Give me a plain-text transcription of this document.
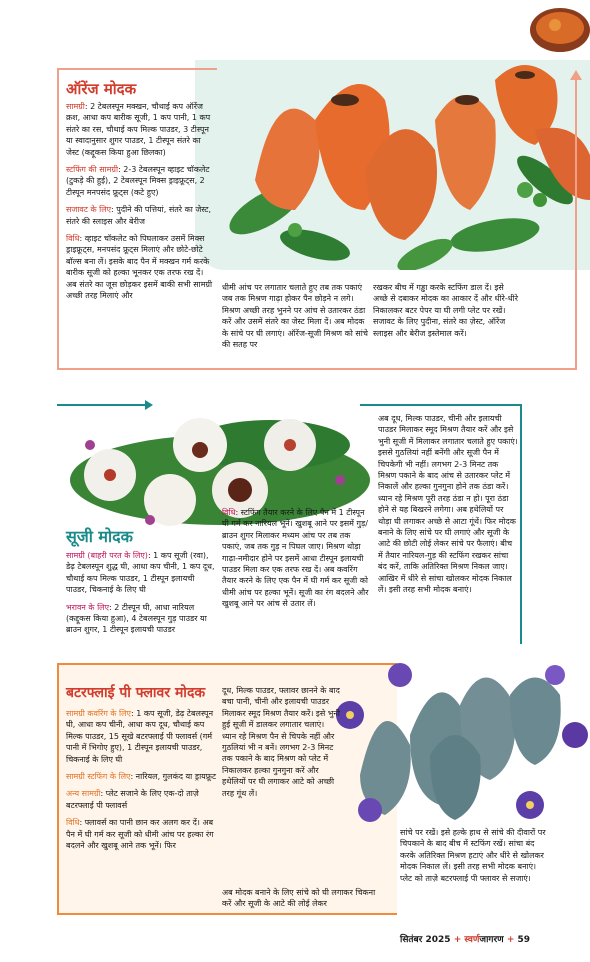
ऑरेंज मोदक

सामग्री: 2 टेबलस्पून मक्खन, चौथाई कप ऑरेंज क्रश, आधा कप बारीक सूजी, 1 कप पानी, 1 कप संतरे का रस, चौथाई कप मिल्क पाउडर, 3 टीस्पून या स्वादानुसार शुगर पाउडर, 1 टीस्पून संतरे का जेस्ट (कद्दूकस किया हुआ छिलका)

स्टफिंग की सामग्री: 2-3 टेबलस्पून व्हाइट चॉकलेट (टुकड़े की हुई), 2 टेबलस्पून मिक्स ड्राइफ्रूट्स, 2 टीस्पून मनपसंद फ्रूट्स (कटे हुए)

सजावट के लिए: पुदीने की पत्तियां, संतरे का जेस्ट, संतरे की स्लाइस और बेरीज

विधि: व्हाइट चॉकलेट को पिघलाकर उसमें मिक्स ड्राइफ्रूट्स, मनपसंद फ्रूट्स मिलाएं और छोटे-छोटे बॉल्स बना लें। इसके बाद पैन में मक्खन गर्म करके बारीक सूजी को हल्का भूनकर एक तरफ रख दें। अब संतरे का जूस छोड़कर इसमें बाकी सभी सामग्री अच्छी तरह मिलाएं और

धीमी आंच पर लगातार चलाते हुए तब तक पकाएं जब तक मिश्रण गाढ़ा होकर पैन छोड़ने न लगे। मिश्रण अच्छी तरह भुनने पर आंच से उतारकर ठंडा करें और उसमें संतरे का जेस्ट मिला दें। अब मोदक के सांचे पर घी लगाएं। ऑरेंज-सूजी मिश्रण को सांचे की सतह पर

रखकर बीच में गड्ढा करके स्टफिंग डाल दें। इसे अच्छे से दबाकर मोदक का आकार दें और धीरे-धीरे निकालकर बटर पेपर या घी लगी प्लेट पर रखें। सजावट के लिए पुदीना, संतरे का ज़ेस्ट, ऑरेंज स्लाइस और बेरीज इस्तेमाल करें।

सूजी मोदक

सामग्री (बाहरी परत के लिए): 1 कप सूजी (रवा), डेढ़ टेबलस्पून शुद्ध घी, आधा कप चीनी, 1 कप दूध, चौथाई कप मिल्क पाउडर, 1 टीस्पून इलायची पाउडर, चिकनाई के लिए घी

भरावन के लिए: 2 टीस्पून घी, आधा नारियल (कद्दूकस किया हुआ), 4 टेबलस्पून गुड़ पाउडर या ब्राउन शुगर, 1 टीस्पून इलायची पाउडर

विधि: स्टफिंग तैयार करने के लिए पैन में 1 टीस्पून घी गर्म कर नारियल भूनें। खुशबू आने पर इसमें गुड़/ब्राउन शुगर मिलाकर मध्यम आंच पर तब तक पकाएं, जब तक गुड़ न पिघल जाए। मिश्रण थोड़ा गाढ़ा-नमीदार होने पर इसमें आधा टीस्पून इलायची पाउडर मिला कर एक तरफ रख दें। अब कवरिंग तैयार करने के लिए एक पैन में घी गर्म कर सूजी को धीमी आंच पर हल्का भूनें। सूजी का रंग बदलने और खुशबू आने पर आंच से उतार लें।

अब दूध, मिल्क पाउडर, चीनी और इलायची पाउडर मिलाकर स्मूद मिश्रण तैयार करें और इसे भुनी सूजी में मिलाकर लगातार चलाते हुए पकाएं। इससे गुठलियां नहीं बनेंगी और सूजी पैन में चिपकेगी भी नहीं। लगभग 2-3 मिनट तक मिश्रण पकाने के बाद आंच से उतारकर प्लेट में निकालें और हल्का गुनगुना होने तक ठंडा करें। ध्यान रहे मिश्रण पूरी तरह ठंडा न हो। पूरा ठंडा होने से यह बिखरने लगेगा। अब हथेलियों पर थोड़ा घी लगाकर अच्छे से आटा गूंथें। फिर मोदक बनाने के लिए सांचे पर घी लगाएं और सूजी के आटे की छोटी लोई लेकर सांचे पर फैलाएं। बीच में तैयार नारियल-गुड़ की स्टफिंग रखकर सांचा बंद करें, ताकि अतिरिक्त मिश्रण निकल जाए। आखिर में धीरे से सांचा खोलकर मोदक निकाल लें। इसी तरह सभी मोदक बनाएं।

बटरफ्लाई पी फ्लावर मोदक

सामग्री कवरिंग के लिए: 1 कप सूजी, डेढ़ टेबलस्पून घी, आधा कप चीनी, आधा कप दूध, चौथाई कप मिल्क पाउडर, 15 सूखे बटरफ्लाई पी फ्लावर्स (गर्म पानी में भिगोए हुए), 1 टीस्पून इलायची पाउडर, चिकनाई के लिए घी

सामग्री स्टफिंग के लिए: नारियल, गुलकंद या ड्रायफ्रूट

अन्य सामग्री: प्लेट सजाने के लिए एक-दो ताज़े बटरफ्लाई पी फ्लावर्स

विधि: फ्लावर्स का पानी छान कर अलग कर दें। अब पैन में घी गर्म कर सूजी को धीमी आंच पर हल्का रंग बदलने और खुशबू आने तक भूनें। फिर

दूध, मिल्क पाउडर, फ्लावर छानने के बाद बचा पानी, चीनी और इलायची पाउडर मिलाकर स्मूद मिश्रण तैयार करें। इसे भुनी हुई सूजी में डालकर लगातार चलाएं। ध्यान रहे मिश्रण पैन से चिपके नहीं और गुठलियां भी न बनें। लगभग 2-3 मिनट तक पकाने के बाद मिश्रण को प्लेट में निकालकर हल्का गुनगुना करें और हथेलियों पर घी लगाकर आटे को अच्छी तरह गूंथ लें।

अब मोदक बनाने के लिए सांचे को घी लगाकर चिकना करें और सूजी के आटे की लोई लेकर

सांचे पर रखें। इसे हल्के हाथ से सांचे की दीवारों पर चिपकाने के बाद बीच में स्टफिंग रखें। सांचा बंद करके अतिरिक्त मिश्रण हटाएं और धीरे से खोलकर मोदक निकाल लें। इसी तरह सभी मोदक बनाएं। प्लेट को ताज़े बटरफ्लाई पी फ्लावर से सजाएं।

सितंबर 2025 + स्वर्णजागरण + 59
